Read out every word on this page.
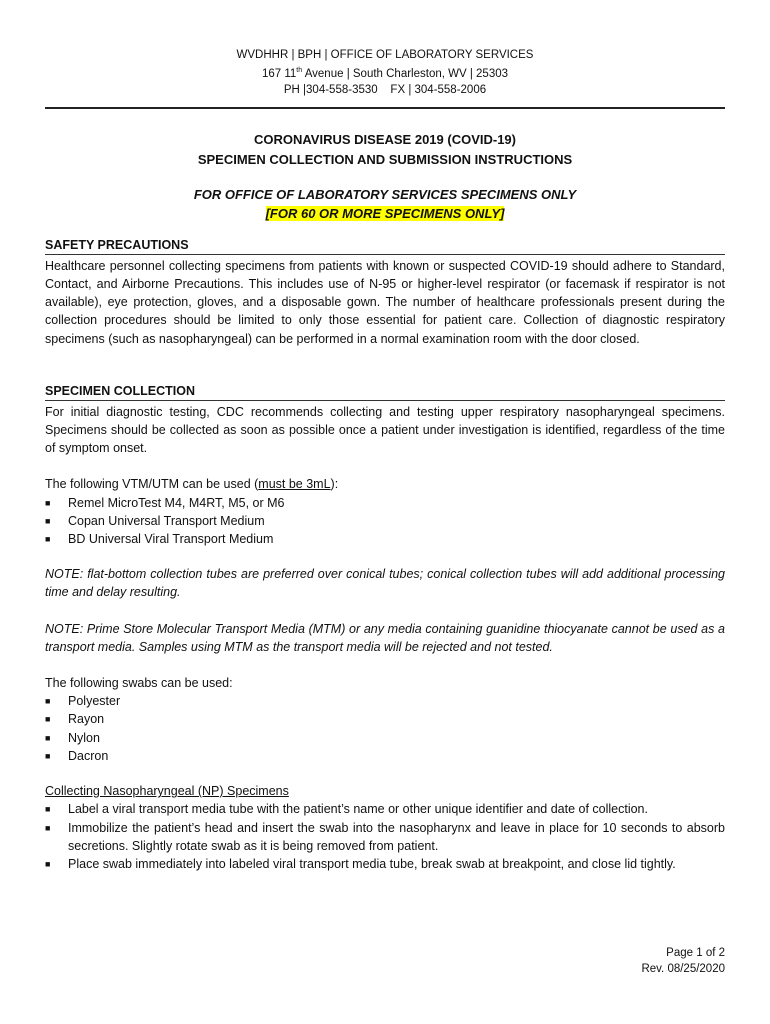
WVDHHR | BPH | OFFICE OF LABORATORY SERVICES
167 11th Avenue | South Charleston, WV | 25303
PH |304-558-3530    FX | 304-558-2006
CORONAVIRUS DISEASE 2019 (COVID-19)
SPECIMEN COLLECTION AND SUBMISSION INSTRUCTIONS
FOR OFFICE OF LABORATORY SERVICES SPECIMENS ONLY
[FOR 60 OR MORE SPECIMENS ONLY]
SAFETY PRECAUTIONS

Healthcare personnel collecting specimens from patients with known or suspected COVID-19 should adhere to Standard, Contact, and Airborne Precautions. This includes use of N-95 or higher-level respirator (or facemask if respirator is not available), eye protection, gloves, and a disposable gown. The number of healthcare professionals present during the collection procedures should be limited to only those essential for patient care. Collection of diagnostic respiratory specimens (such as nasopharyngeal) can be performed in a normal examination room with the door closed.

SPECIMEN COLLECTION

For initial diagnostic testing, CDC recommends collecting and testing upper respiratory nasopharyngeal specimens. Specimens should be collected as soon as possible once a patient under investigation is identified, regardless of the time of symptom onset.

The following VTM/UTM can be used (must be 3mL):

■ Remel MicroTest M4, M4RT, M5, or M6
■ Copan Universal Transport Medium
■ BD Universal Viral Transport Medium

NOTE: flat-bottom collection tubes are preferred over conical tubes; conical collection tubes will add additional processing time and delay resulting.

NOTE: Prime Store Molecular Transport Media (MTM) or any media containing guanidine thiocyanate cannot be used as a transport media. Samples using MTM as the transport media will be rejected and not tested.

The following swabs can be used:

■ Polyester
■ Rayon
■ Nylon
■ Dacron

Collecting Nasopharyngeal (NP) Specimens

■ Label a viral transport media tube with the patient’s name or other unique identifier and date of collection.
■ Immobilize the patient’s head and insert the swab into the nasopharynx and leave in place for 10 seconds to absorb secretions. Slightly rotate swab as it is being removed from patient.
■ Place swab immediately into labeled viral transport media tube, break swab at breakpoint, and close lid tightly.
Page 1 of 2
Rev. 08/25/2020
